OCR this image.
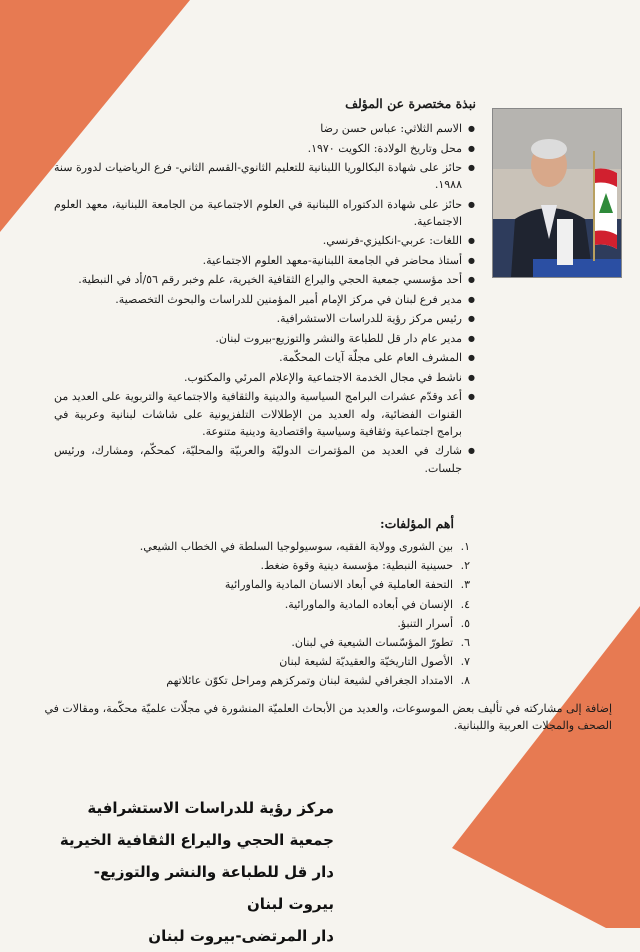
نبذة مختصرة عن المؤلف
● الاسم الثلاثي: عباس حسن رضا
● محل وتاريخ الولادة: الكويت ١٩٧٠.
● حائز على شهادة البكالوريا اللبنانية للتعليم الثانوي-القسم الثاني- فرع الرياضيات لدورة سنة ١٩٨٨.
● حائز على شهادة الدكتوراه اللبنانية في العلوم الاجتماعية من الجامعة اللبنانية، معهد العلوم الاجتماعية.
● اللغات: عربي-انكليزي-فرنسي.
● أستاذ محاضر في الجامعة اللبنانية-معهد العلوم الاجتماعية.
● أحد مؤسسي جمعية الحجي واليراع الثقافية الخيرية، علم وخبر رقم ٥٦/أد في النبطية.
● مدير فرع لبنان في مركز الإمام أمير المؤمنين للدراسات والبحوث التخصصية.
● رئيس مركز رؤية للدراسات الاستشرافية.
● مدير عام دار قل للطباعة والنشر والتوزيع-بيروت لبنان.
● المشرف العام على مجلّة آيات المحكّمة.
● ناشط في مجال الخدمة الاجتماعية والإعلام المرئي والمكتوب.
● أعد وقدّم عشرات البرامج السياسية والدينية والثقافية والاجتماعية والتربوية على العديد من القنوات الفضائية، وله العديد من الإطلالات التلفزيونية على شاشات لبنانية وعربية في برامج اجتماعية وثقافية وسياسية واقتصادية ودينية متنوعة.
● شارك في العديد من المؤتمرات الدوليّة والعربيّة والمحليّة، كمحكّم، ومشارك، ورئيس جلسات.
أهم المؤلفات:
١. بين الشورى وولاية الفقيه، سوسيولوجيا السلطة في الخطاب الشيعي.
٢. حسينية النبطية: مؤسسة دينية وقوة ضغط.
٣. التحفة العاملية في أبعاد الانسان المادية والماورائية
٤. الإنسان في أبعاده المادية والماورائية.
٥. أسرار التنبؤ.
٦. تطورّ المؤسّسات الشيعية في لبنان.
٧. الأصول التاريخيّة والعقيديّة لشيعة لبنان
٨. الامتداد الجغرافي لشيعة لبنان وتمركزهم ومراحل تكوّن عائلاتهم
إضافة إلى مشاركته في تأليف بعض الموسوعات، والعديد من الأبحاث العلميّة المنشورة في مجلّات علميّة محكّمة، ومقالات في الصحف والمجلات العربية واللبنانية.
مركز رؤية للدراسات الاستشرافية
جمعية الحجي واليراع الثقافية الخيرية
دار قل للطباعة والنشر والتوزيع-بيروت لبنان
دار المرتضى-بيروت لبنان
